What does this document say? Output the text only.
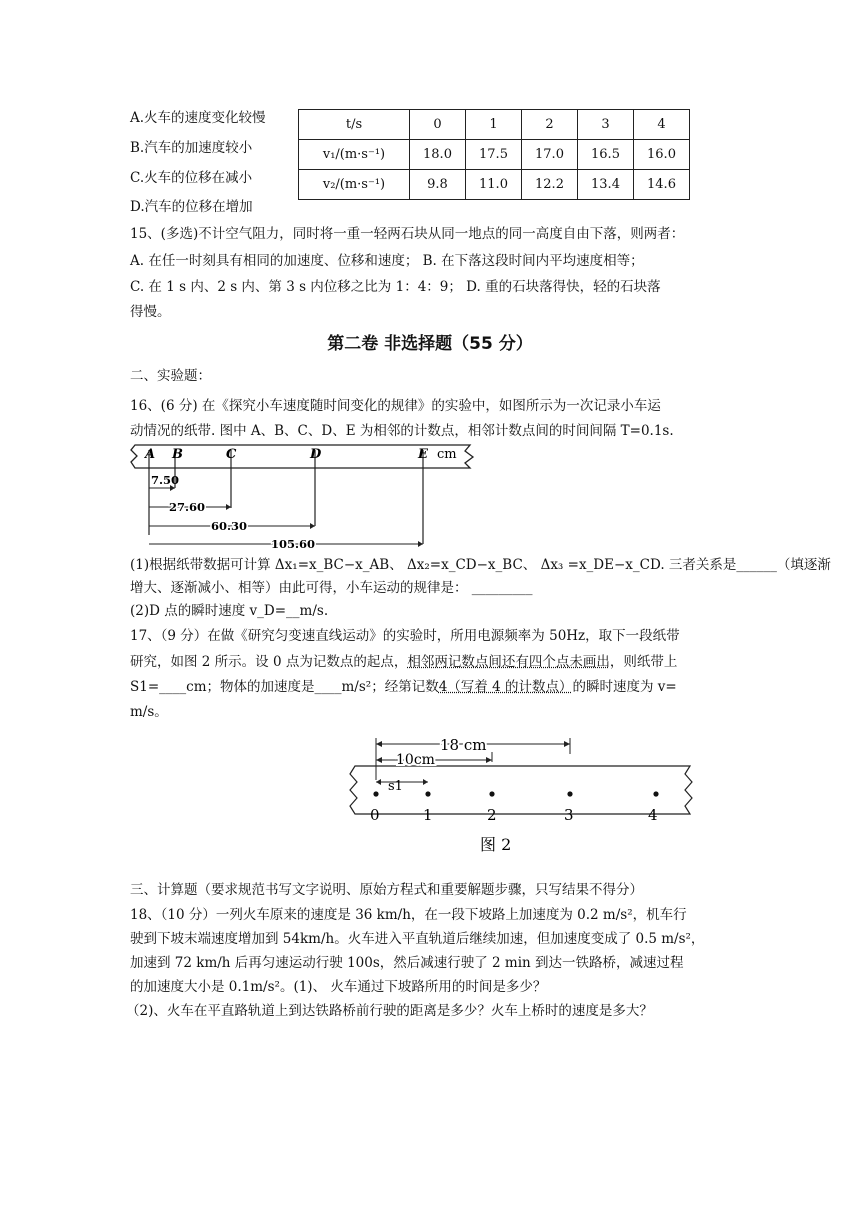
A.火车的速度变化较慢
B.汽车的加速度较小
C.火车的位移在减小
D.汽车的位移在增加
t/s	0	1	2	3	4
v₁/(m·s⁻¹)	18.0	17.5	17.0	16.5	16.0
v₂/(m·s⁻¹)	9.8	11.0	12.2	13.4	14.6
15、(多选)不计空气阻力，同时将一重一轻两石块从同一地点的同一高度自由下落，则两者：
A. 在任一时刻具有相同的加速度、位移和速度； B. 在下落这段时间内平均速度相等；
C. 在 1 s 内、2 s 内、第 3 s 内位移之比为 1：4：9； D. 重的石块落得快，轻的石块落
得慢。
第二卷 非选择题（55 分）
二、实验题：
16、(6 分) 在《探究小车速度随时间变化的规律》的实验中，如图所示为一次记录小车运
动情况的纸带. 图中 A、B、C、D、E 为相邻的计数点，相邻计数点间的时间间隔 T=0.1s.
A B	C	D	E cm
7.50
27.60
60.30
105.60
(1)根据纸带数据可计算 Δx₁=x_BC−x_AB、 Δx₂=x_CD−x_BC、 Δx₃ =x_DE−x_CD. 三者关系是______（填逐渐
增大、逐渐减小、相等）由此可得，小车运动的规律是： _________
(2)D 点的瞬时速度 v_D=__m/s.
17、（9 分）在做《研究匀变速直线运动》的实验时，所用电源频率为 50Hz，取下一段纸带
研究，如图 2 所示。设 0 点为记数点的起点，相邻两记数点间还有四个点未画出，则纸带上
S1=____cm；物体的加速度是____m/s²；经第记数4（写着 4 的计数点）的瞬时速度为 v=
m/s。
18 cm
10cm
s1
0	1	2	3	4
图 2
三、计算题（要求规范书写文字说明、原始方程式和重要解题步骤，只写结果不得分）
18、（10 分）一列火车原来的速度是 36 km/h，在一段下坡路上加速度为 0.2 m/s²，机车行
驶到下坡末端速度增加到 54km/h。火车进入平直轨道后继续加速，但加速度变成了 0.5 m/s²，
加速到 72 km/h 后再匀速运动行驶 100s，然后减速行驶了 2 min 到达一铁路桥，减速过程
的加速度大小是 0.1m/s²。(1)、 火车通过下坡路所用的时间是多少？
（2)、火车在平直路轨道上到达铁路桥前行驶的距离是多少？火车上桥时的速度是多大？
